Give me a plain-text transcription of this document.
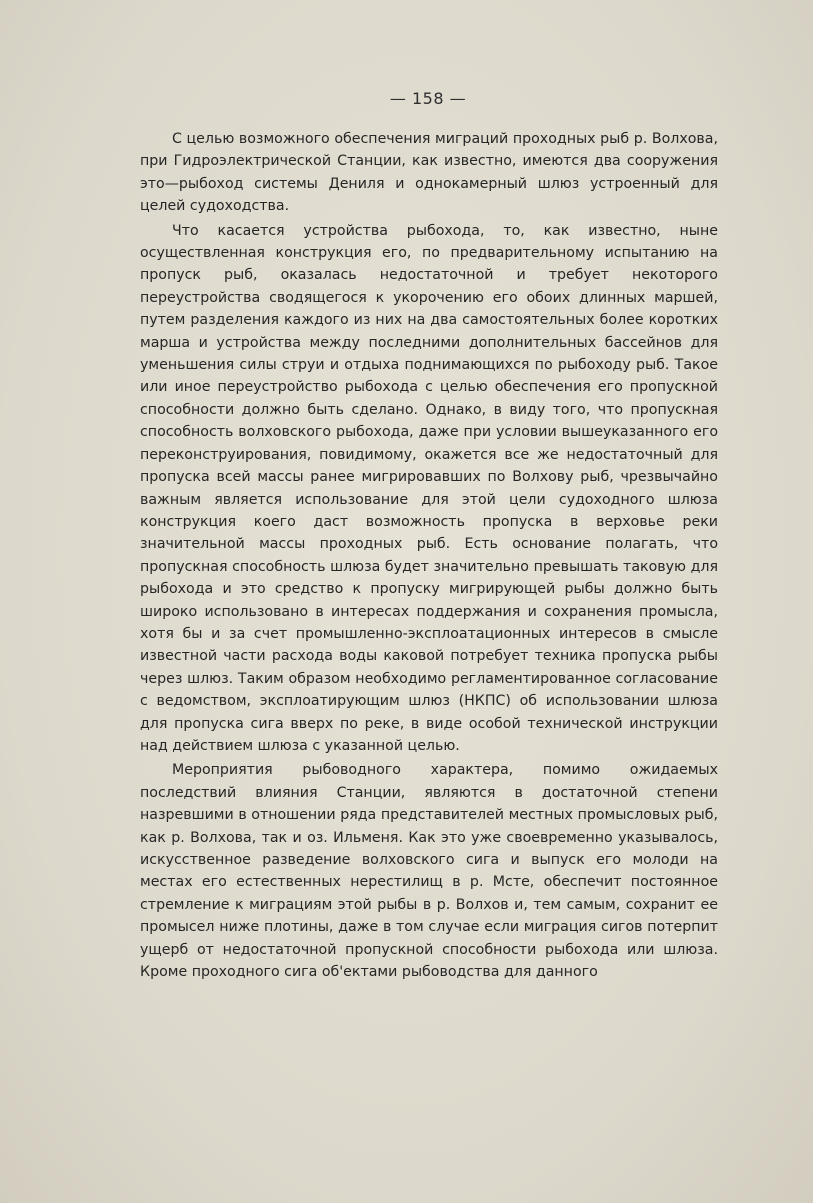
— 158 —

С целью возможного обеспечения миграций проходных рыб р. Волхова, при Гидроэлектрической Станции, как известно, имеются два сооружения это—рыбоход системы Дениля и однокамерный шлюз устроенный для целей судоходства.

Что касается устройства рыбохода, то, как известно, ныне осуществленная конструкция его, по предварительному испытанию на пропуск рыб, оказалась недостаточной и требует некоторого переустройства сводящегося к укорочению его обоих длинных маршей, путем разделения каждого из них на два самостоятельных более коротких марша и устройства между последними дополнительных бассейнов для уменьшения силы струи и отдыха поднимающихся по рыбоходу рыб. Такое или иное переустройство рыбохода с целью обеспечения его пропускной способности должно быть сделано. Однако, в виду того, что пропускная способность волховского рыбохода, даже при условии вышеуказанного его переконструирования, повидимому, окажется все же недостаточный для пропуска всей массы ранее мигрировавших по Волхову рыб, чрезвычайно важным является использование для этой цели судоходного шлюза конструкция коего даст возможность пропуска в верховье реки значительной массы проходных рыб. Есть основание полагать, что пропускная способность шлюза будет значительно превышать таковую для рыбохода и это средство к пропуску мигрирующей рыбы должно быть широко использовано в интересах поддержания и сохранения промысла, хотя бы и за счет промышленно-эксплоатационных интересов в смысле известной части расхода воды каковой потребует техника пропуска рыбы через шлюз. Таким образом необходимо регламентированное согласование с ведомством, эксплоатирующим шлюз (НКПС) об использовании шлюза для пропуска сига вверх по реке, в виде особой технической инструкции над действием шлюза с указанной целью.

Мероприятия рыбоводного характера, помимо ожидаемых последствий влияния Станции, являются в достаточной степени назревшими в отношении ряда представителей местных промысловых рыб, как р. Волхова, так и оз. Ильменя. Как это уже своевременно указывалось, искусственное разведение волховского сига и выпуск его молоди на местах его естественных нерестилищ в р. Мсте, обеспечит постоянное стремление к миграциям этой рыбы в р. Волхов и, тем самым, сохранит ее промысел ниже плотины, даже в том случае если миграция сигов потерпит ущерб от недостаточной пропускной способности рыбохода или шлюза. Кроме проходного сига об'ектами рыбоводства для данного
